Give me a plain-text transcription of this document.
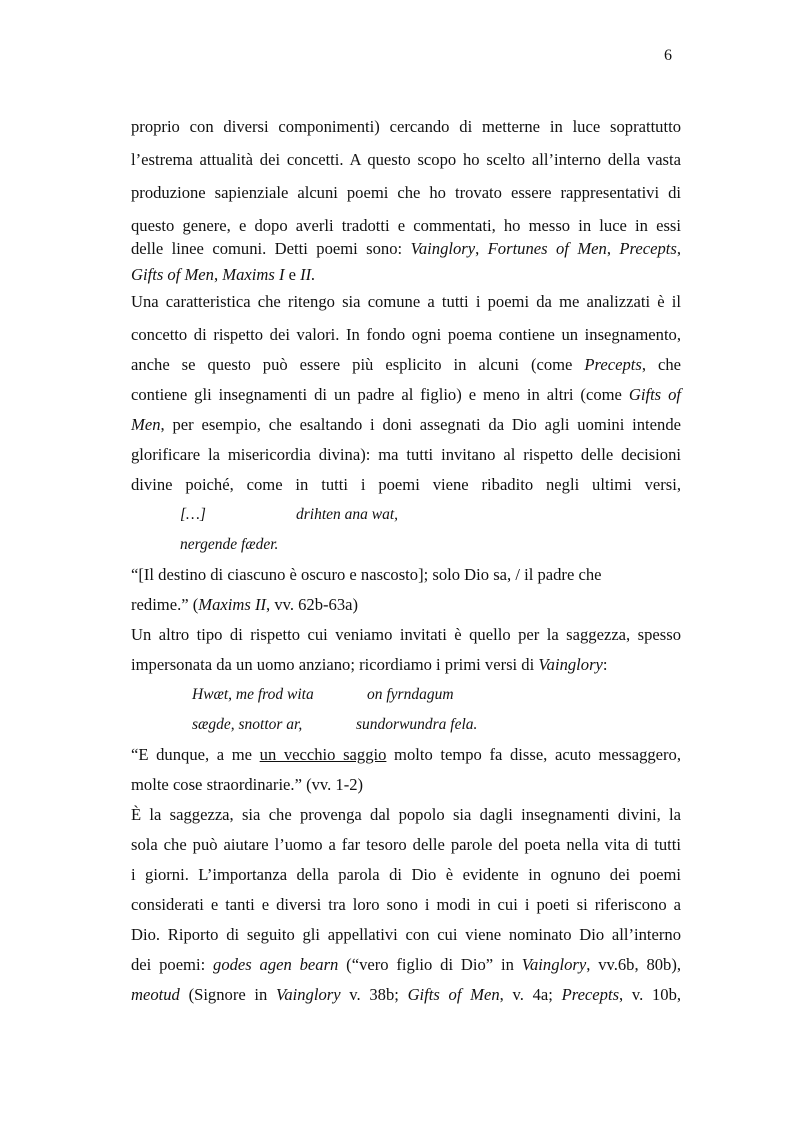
6
proprio con diversi componimenti) cercando di metterne in luce soprattutto
l’estrema attualità dei concetti. A questo scopo ho scelto all’interno della vasta
produzione sapienziale alcuni poemi che ho trovato essere rappresentativi di
questo genere, e dopo averli tradotti e commentati, ho messo in luce in essi
delle linee comuni. Detti poemi sono: Vainglory, Fortunes of Men, Precepts,
Gifts of Men, Maxims I e II.
Una caratteristica che ritengo sia comune a tutti i poemi da me analizzati è il
concetto di rispetto dei valori. In fondo ogni poema contiene un insegnamento,
anche se questo può essere più esplicito in alcuni (come Precepts, che
contiene gli insegnamenti di un padre al figlio) e meno in altri (come Gifts of
Men, per esempio, che esaltando i doni assegnati da Dio agli uomini intende
glorificare la misericordia divina): ma tutti invitano al rispetto delle decisioni
divine poiché, come in tutti i poemi viene ribadito negli ultimi versi,
[…]	drihten ana wat,
nergende fæder.
“[Il destino di ciascuno è oscuro e nascosto]; solo Dio sa, / il padre che
redime.” (Maxims II, vv. 62b-63a)
Un altro tipo di rispetto cui veniamo invitati è quello per la saggezza, spesso
impersonata da un uomo anziano; ricordiamo i primi versi di Vainglory:
Hwæt, me frod wita	on fyrndagum
sægde, snottor ar,	sundorwundra fela.
“E dunque, a me un vecchio saggio molto tempo fa disse, acuto messaggero,
molte cose straordinarie.” (vv. 1-2)
È la saggezza, sia che provenga dal popolo sia dagli insegnamenti divini, la
sola che può aiutare l’uomo a far tesoro delle parole del poeta nella vita di tutti
i giorni. L’importanza della parola di Dio è evidente in ognuno dei poemi
considerati e tanti e diversi tra loro sono i modi in cui i poeti si riferiscono a
Dio. Riporto di seguito gli appellativi con cui viene nominato Dio all’interno
dei poemi: godes agen bearn (“vero figlio di Dio” in Vainglory, vv.6b, 80b),
meotud (Signore in Vainglory v. 38b; Gifts of Men, v. 4a; Precepts, v. 10b,
